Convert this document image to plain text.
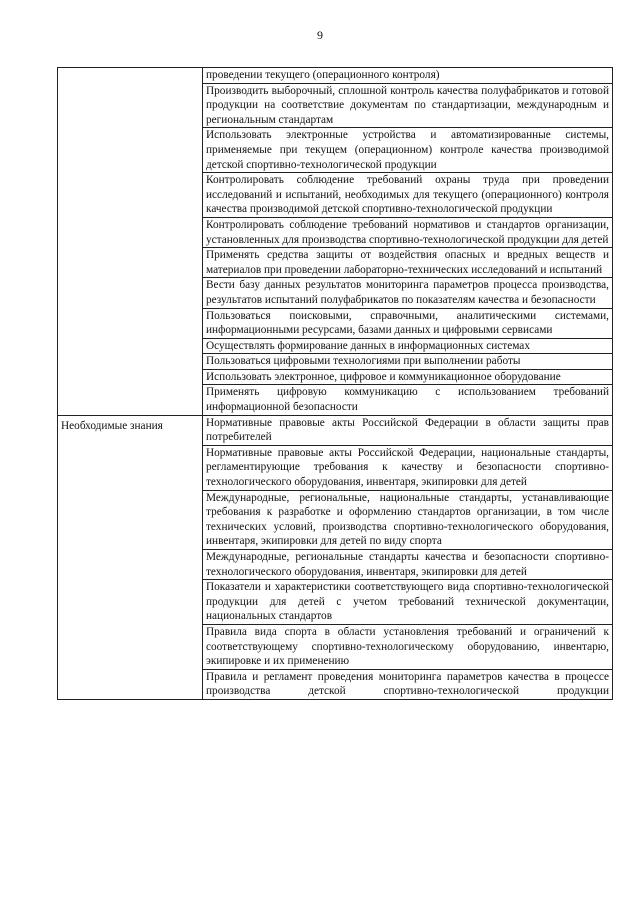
9
	проведении текущего (операционного контроля)
	Производить выборочный, сплошной контроль качества полуфабрикатов и готовой продукции на соответствие документам по стандартизации, международным и региональным стандартам
	Использовать электронные устройства и автоматизированные системы, применяемые при текущем (операционном) контроле качества производимой детской спортивно-технологической продукции
	Контролировать соблюдение требований охраны труда при проведении исследований и испытаний, необходимых для текущего (операционного) контроля качества производимой детской спортивно-технологической продукции
	Контролировать соблюдение требований нормативов и стандартов организации, установленных для производства спортивно-технологической продукции для детей
	Применять средства защиты от воздействия опасных и вредных веществ и материалов при проведении лабораторно-технических исследований и испытаний
	Вести базу данных результатов мониторинга параметров процесса производства, результатов испытаний полуфабрикатов по показателям качества и безопасности
	Пользоваться поисковыми, справочными, аналитическими системами, информационными ресурсами, базами данных и цифровыми сервисами
	Осуществлять формирование данных в информационных системах
	Пользоваться цифровыми технологиями при выполнении работы
	Использовать электронное, цифровое и коммуникационное оборудование
	Применять цифровую коммуникацию с использованием требований информационной безопасности
Необходимые знания	Нормативные правовые акты Российской Федерации в области защиты прав потребителей
	Нормативные правовые акты Российской Федерации, национальные стандарты, регламентирующие требования к качеству и безопасности спортивно-технологического оборудования, инвентаря, экипировки для детей
	Международные, региональные, национальные стандарты, устанавливающие требования к разработке и оформлению стандартов организации, в том числе технических условий, производства спортивно-технологического оборудования, инвентаря, экипировки для детей по виду спорта
	Международные, региональные стандарты качества и безопасности спортивно-технологического оборудования, инвентаря, экипировки для детей
	Показатели и характеристики соответствующего вида спортивно-технологической продукции для детей с учетом требований технической документации, национальных стандартов
	Правила вида спорта в области установления требований и ограничений к соответствующему спортивно-технологическому оборудованию, инвентарю, экипировке и их применению
	Правила и регламент проведения мониторинга параметров качества в процессе производства детской спортивно-технологической продукции
